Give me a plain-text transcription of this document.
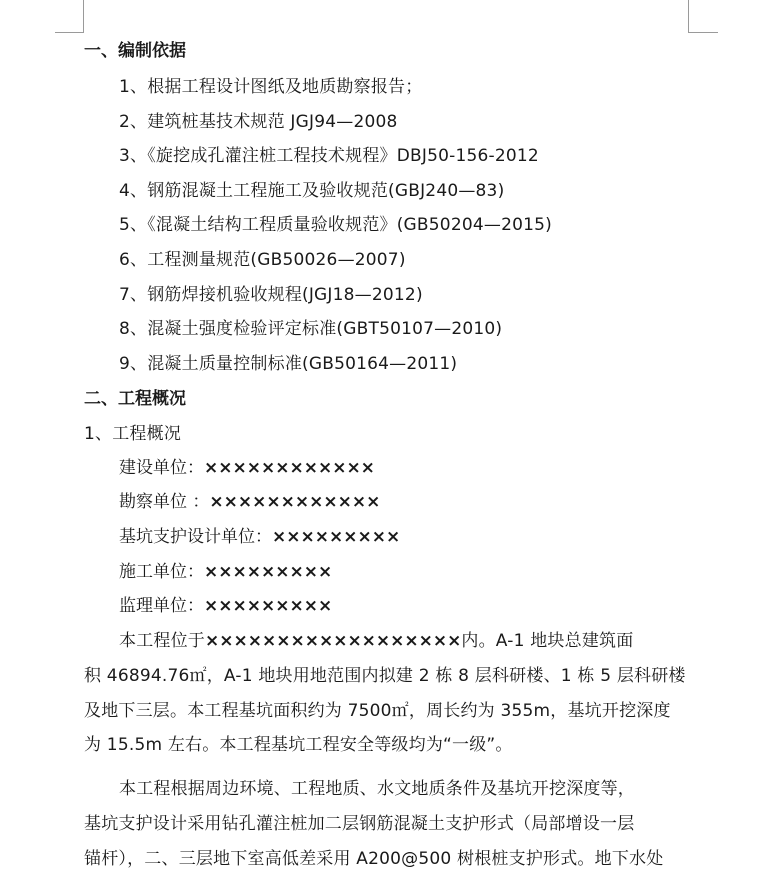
一、编制依据
1、根据工程设计图纸及地质勘察报告；
2、建筑桩基技术规范 JGJ94—2008
3、《旋挖成孔灌注桩工程技术规程》DBJ50-156-2012
4、钢筋混凝土工程施工及验收规范(GBJ240—83)
5、《混凝土结构工程质量验收规范》(GB50204—2015)
6、工程测量规范(GB50026—2007)
7、钢筋焊接机验收规程(JGJ18—2012)
8、混凝土强度检验评定标准(GBT50107—2010)
9、混凝土质量控制标准(GB50164—2011)
二、工程概况
1、工程概况
建设单位：××××××××××××
勘察单位 ：××××××××××××
基坑支护设计单位：×××××××××
施工单位：×××××××××
监理单位：×××××××××
本工程位于××××××××××××××××××内。A-1 地块总建筑面
积 46894.76㎡，A-1 地块用地范围内拟建 2 栋 8 层科研楼、1 栋 5 层科研楼
及地下三层。本工程基坑面积约为 7500㎡，周长约为 355m，基坑开挖深度
为 15.5m 左右。本工程基坑工程安全等级均为“一级”。
本工程根据周边环境、工程地质、水文地质条件及基坑开挖深度等，
基坑支护设计采用钻孔灌注桩加二层钢筋混凝土支护形式（局部增设一层
锚杆），二、三层地下室高低差采用 A200@500 树根桩支护形式。地下水处
